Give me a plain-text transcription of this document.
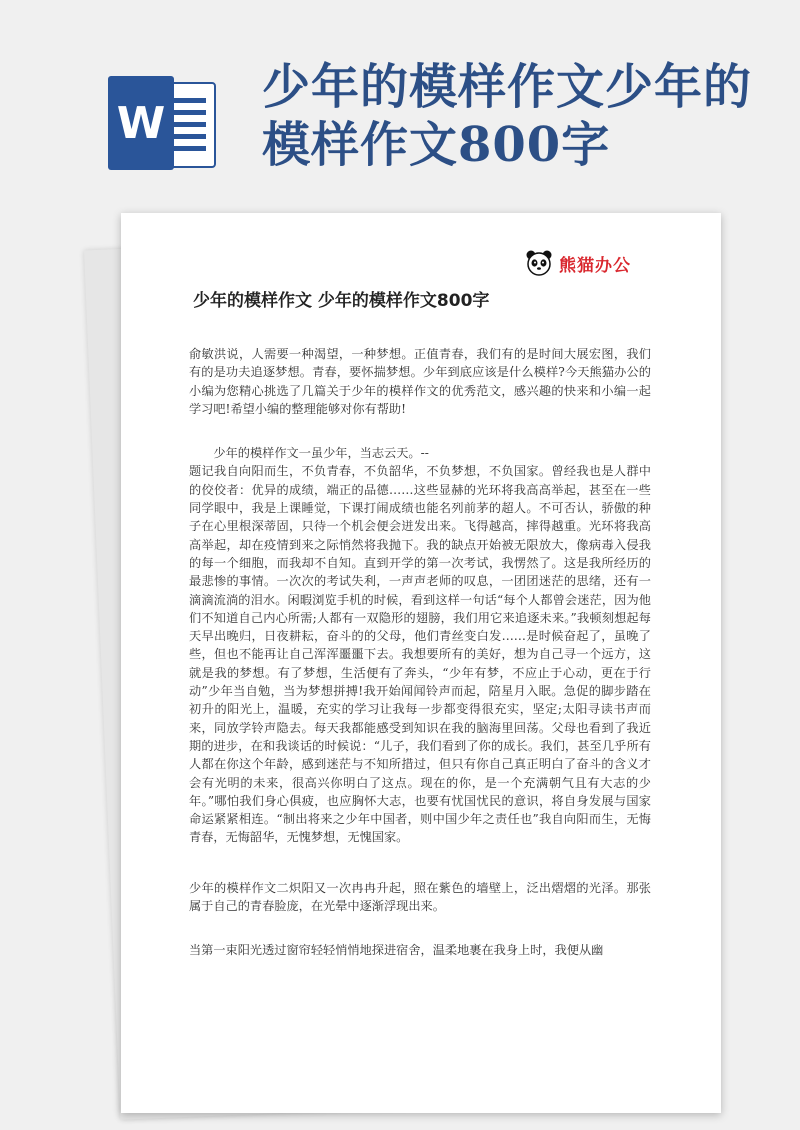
W
少年的模样作文少年的模样作文800字
熊猫办公
少年的模样作文 少年的模样作文800字

俞敏洪说，人需要一种渴望，一种梦想。正值青春，我们有的是时间大展宏图，我们有的是功夫追逐梦想。青春，要怀揣梦想。少年到底应该是什么模样?今天熊猫办公的小编为您精心挑选了几篇关于少年的模样作文的优秀范文，感兴趣的快来和小编一起学习吧!希望小编的整理能够对你有帮助!

少年的模样作文一虽少年，当志云天。--

题记我自向阳而生，不负青春，不负韶华，不负梦想，不负国家。曾经我也是人群中的佼佼者：优异的成绩，端正的品德……这些显赫的光环将我高高举起，甚至在一些同学眼中，我是上课睡觉，下课打闹成绩也能名列前茅的超人。不可否认，骄傲的种子在心里根深蒂固，只待一个机会便会迸发出来。飞得越高，摔得越重。光环将我高高举起，却在疫情到来之际悄然将我抛下。我的缺点开始被无限放大，像病毒入侵我的每一个细胞，而我却不自知。直到开学的第一次考试，我愣然了。这是我所经历的最悲惨的事情。一次次的考试失利，一声声老师的叹息，一团团迷茫的思绪，还有一滴滴流淌的泪水。闲暇浏览手机的时候，看到这样一句话“每个人都曾会迷茫，因为他们不知道自己内心所需;人都有一双隐形的翅膀，我们用它来追逐未来。”我顿刻想起每天早出晚归，日夜耕耘，奋斗的的父母，他们青丝变白发……是时候奋起了，虽晚了些，但也不能再让自己浑浑噩噩下去。我想要所有的美好，想为自己寻一个远方，这就是我的梦想。有了梦想，生活便有了奔头，“少年有梦，不应止于心动，更在于行动”少年当自勉，当为梦想拼搏!我开始闻闻铃声而起，陪星月入眠。急促的脚步踏在初升的阳光上，温暖，充实的学习让我每一步都变得很充实，坚定;太阳寻读书声而来，同放学铃声隐去。每天我都能感受到知识在我的脑海里回荡。父母也看到了我近期的进步，在和我谈话的时候说：“儿子，我们看到了你的成长。我们，甚至几乎所有人都在你这个年龄，感到迷茫与不知所措过，但只有你自己真正明白了奋斗的含义才会有光明的未来，很高兴你明白了这点。现在的你，是一个充满朝气且有大志的少年。”哪怕我们身心俱疲，也应胸怀大志，也要有忧国忧民的意识，将自身发展与国家命运紧紧相连。“制出将来之少年中国者，则中国少年之责任也”我自向阳而生，无悔青春，无悔韶华，无愧梦想，无愧国家。

少年的模样作文二炽阳又一次冉冉升起，照在紫色的墙壁上，泛出熠熠的光泽。那张属于自己的青春脸庞，在光晕中逐渐浮现出来。

当第一束阳光透过窗帘轻轻悄悄地探进宿舍，温柔地裹在我身上时，我便从幽
